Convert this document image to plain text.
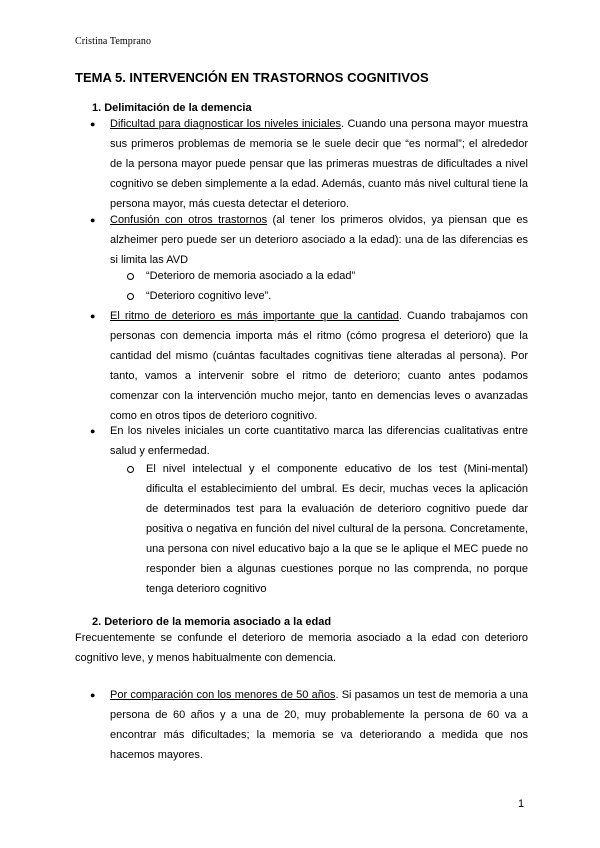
Cristina Temprano
TEMA 5. INTERVENCIÓN EN TRASTORNOS COGNITIVOS
1. Delimitación de la demencia
● Dificultad para diagnosticar los niveles iniciales. Cuando una persona mayor muestra sus primeros problemas de memoria se le suele decir que “es normal”; el alrededor de la persona mayor puede pensar que las primeras muestras de dificultades a nivel cognitivo se deben simplemente a la edad. Además, cuanto más nivel cultural tiene la persona mayor, más cuesta detectar el deterioro.
● Confusión con otros trastornos (al tener los primeros olvidos, ya piensan que es alzheimer pero puede ser un deterioro asociado a la edad): una de las diferencias es si limita las AVD
“Deterioro de memoria asociado a la edad”
“Deterioro cognitivo leve”.
● El ritmo de deterioro es más importante que la cantidad. Cuando trabajamos con personas con demencia importa más el ritmo (cómo progresa el deterioro) que la cantidad del mismo (cuántas facultades cognitivas tiene alteradas al persona). Por tanto, vamos a intervenir sobre el ritmo de deterioro; cuanto antes podamos comenzar con la intervención mucho mejor, tanto en demencias leves o avanzadas como en otros tipos de deterioro cognitivo.
● En los niveles iniciales un corte cuantitativo marca las diferencias cualitativas entre salud y enfermedad.
El nivel intelectual y el componente educativo de los test (Mini-mental) dificulta el establecimiento del umbral. Es decir, muchas veces la aplicación de determinados test para la evaluación de deterioro cognitivo puede dar positiva o negativa en función del nivel cultural de la persona. Concretamente, una persona con nivel educativo bajo a la que se le aplique el MEC puede no responder bien a algunas cuestiones porque no las comprenda, no porque tenga deterioro cognitivo
2. Deterioro de la memoria asociado a la edad
Frecuentemente se confunde el deterioro de memoria asociado a la edad con deterioro cognitivo leve, y menos habitualmente con demencia.
● Por comparación con los menores de 50 años. Si pasamos un test de memoria a una persona de 60 años y a una de 20, muy probablemente la persona de 60 va a encontrar más dificultades; la memoria se va deteriorando a medida que nos hacemos mayores.
1
